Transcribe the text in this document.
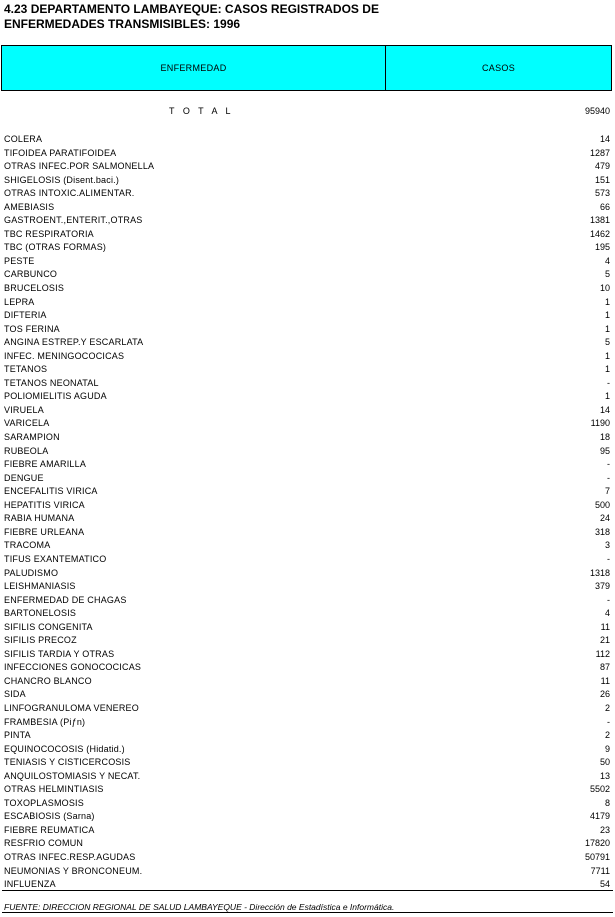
4.23 DEPARTAMENTO LAMBAYEQUE: CASOS REGISTRADOS DE
ENFERMEDADES TRANSMISIBLES: 1996
ENFERMEDAD	CASOS
T O T A L	95940
COLERA	14
TIFOIDEA PARATIFOIDEA	1287
OTRAS INFEC.POR SALMONELLA	479
SHIGELOSIS (Disent.baci.)	151
OTRAS INTOXIC.ALIMENTAR.	573
AMEBIASIS	66
GASTROENT.,ENTERIT.,OTRAS	1381
TBC RESPIRATORIA	1462
TBC (OTRAS FORMAS)	195
PESTE	4
CARBUNCO	5
BRUCELOSIS	10
LEPRA	1
DIFTERIA	1
TOS FERINA	1
ANGINA ESTREP.Y ESCARLATA	5
INFEC. MENINGOCOCICAS	1
TETANOS	1
TETANOS NEONATAL	-
POLIOMIELITIS AGUDA	1
VIRUELA	14
VARICELA	1190
SARAMPION	18
RUBEOLA	95
FIEBRE AMARILLA	-
DENGUE	-
ENCEFALITIS VIRICA	7
HEPATITIS VIRICA	500
RABIA HUMANA	24
FIEBRE URLEANA	318
TRACOMA	3
TIFUS EXANTEMATICO	-
PALUDISMO	1318
LEISHMANIASIS	379
ENFERMEDAD DE CHAGAS	-
BARTONELOSIS	4
SIFILIS CONGENITA	11
SIFILIS PRECOZ	21
SIFILIS TARDIA Y OTRAS	112
INFECCIONES GONOCOCICAS	87
CHANCRO BLANCO	11
SIDA	26
LINFOGRANULOMA VENEREO	2
FRAMBESIA (Piƒn)	-
PINTA	2
EQUINOCOCOSIS (Hidatid.)	9
TENIASIS Y CISTICERCOSIS	50
ANQUILOSTOMIASIS Y NECAT.	13
OTRAS HELMINTIASIS	5502
TOXOPLASMOSIS	8
ESCABIOSIS (Sarna)	4179
FIEBRE REUMATICA	23
RESFRIO COMUN	17820
OTRAS INFEC.RESP.AGUDAS	50791
NEUMONIAS Y BRONCONEUM.	7711
INFLUENZA	54
FUENTE: DIRECCION REGIONAL DE SALUD LAMBAYEQUE - Dirección de Estadística e Informática.
